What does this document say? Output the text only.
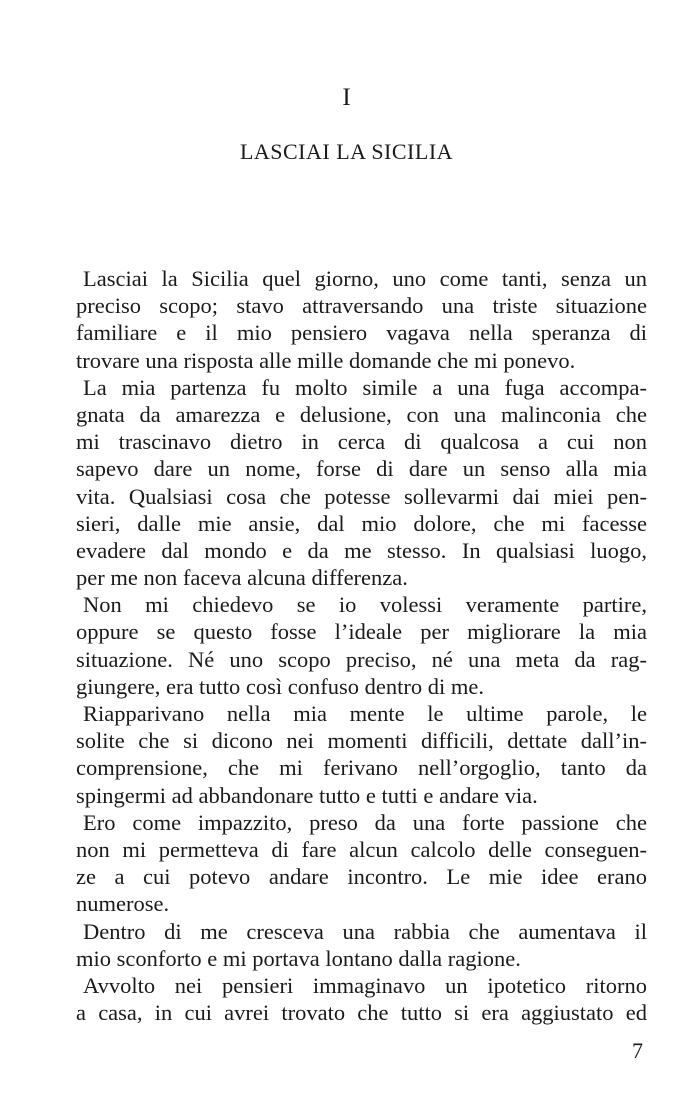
I
LASCIAI LA SICILIA
Lasciai la Sicilia quel giorno, uno come tanti, senza un
preciso scopo; stavo attraversando una triste situazione
familiare e il mio pensiero vagava nella speranza di
trovare una risposta alle mille domande che mi ponevo.
La mia partenza fu molto simile a una fuga accompa-
gnata da amarezza e delusione, con una malinconia che
mi trascinavo dietro in cerca di qualcosa a cui non
sapevo dare un nome, forse di dare un senso alla mia
vita. Qualsiasi cosa che potesse sollevarmi dai miei pen-
sieri, dalle mie ansie, dal mio dolore, che mi facesse
evadere dal mondo e da me stesso. In qualsiasi luogo,
per me non faceva alcuna differenza.
Non mi chiedevo se io volessi veramente partire,
oppure se questo fosse l’ideale per migliorare la mia
situazione. Né uno scopo preciso, né una meta da rag-
giungere, era tutto così confuso dentro di me.
Riapparivano nella mia mente le ultime parole, le
solite che si dicono nei momenti difficili, dettate dall’in-
comprensione, che mi ferivano nell’orgoglio, tanto da
spingermi ad abbandonare tutto e tutti e andare via.
Ero come impazzito, preso da una forte passione che
non mi permetteva di fare alcun calcolo delle conseguen-
ze a cui potevo andare incontro. Le mie idee erano
numerose.
Dentro di me cresceva una rabbia che aumentava il
mio sconforto e mi portava lontano dalla ragione.
Avvolto nei pensieri immaginavo un ipotetico ritorno
a casa, in cui avrei trovato che tutto si era aggiustato ed
7
